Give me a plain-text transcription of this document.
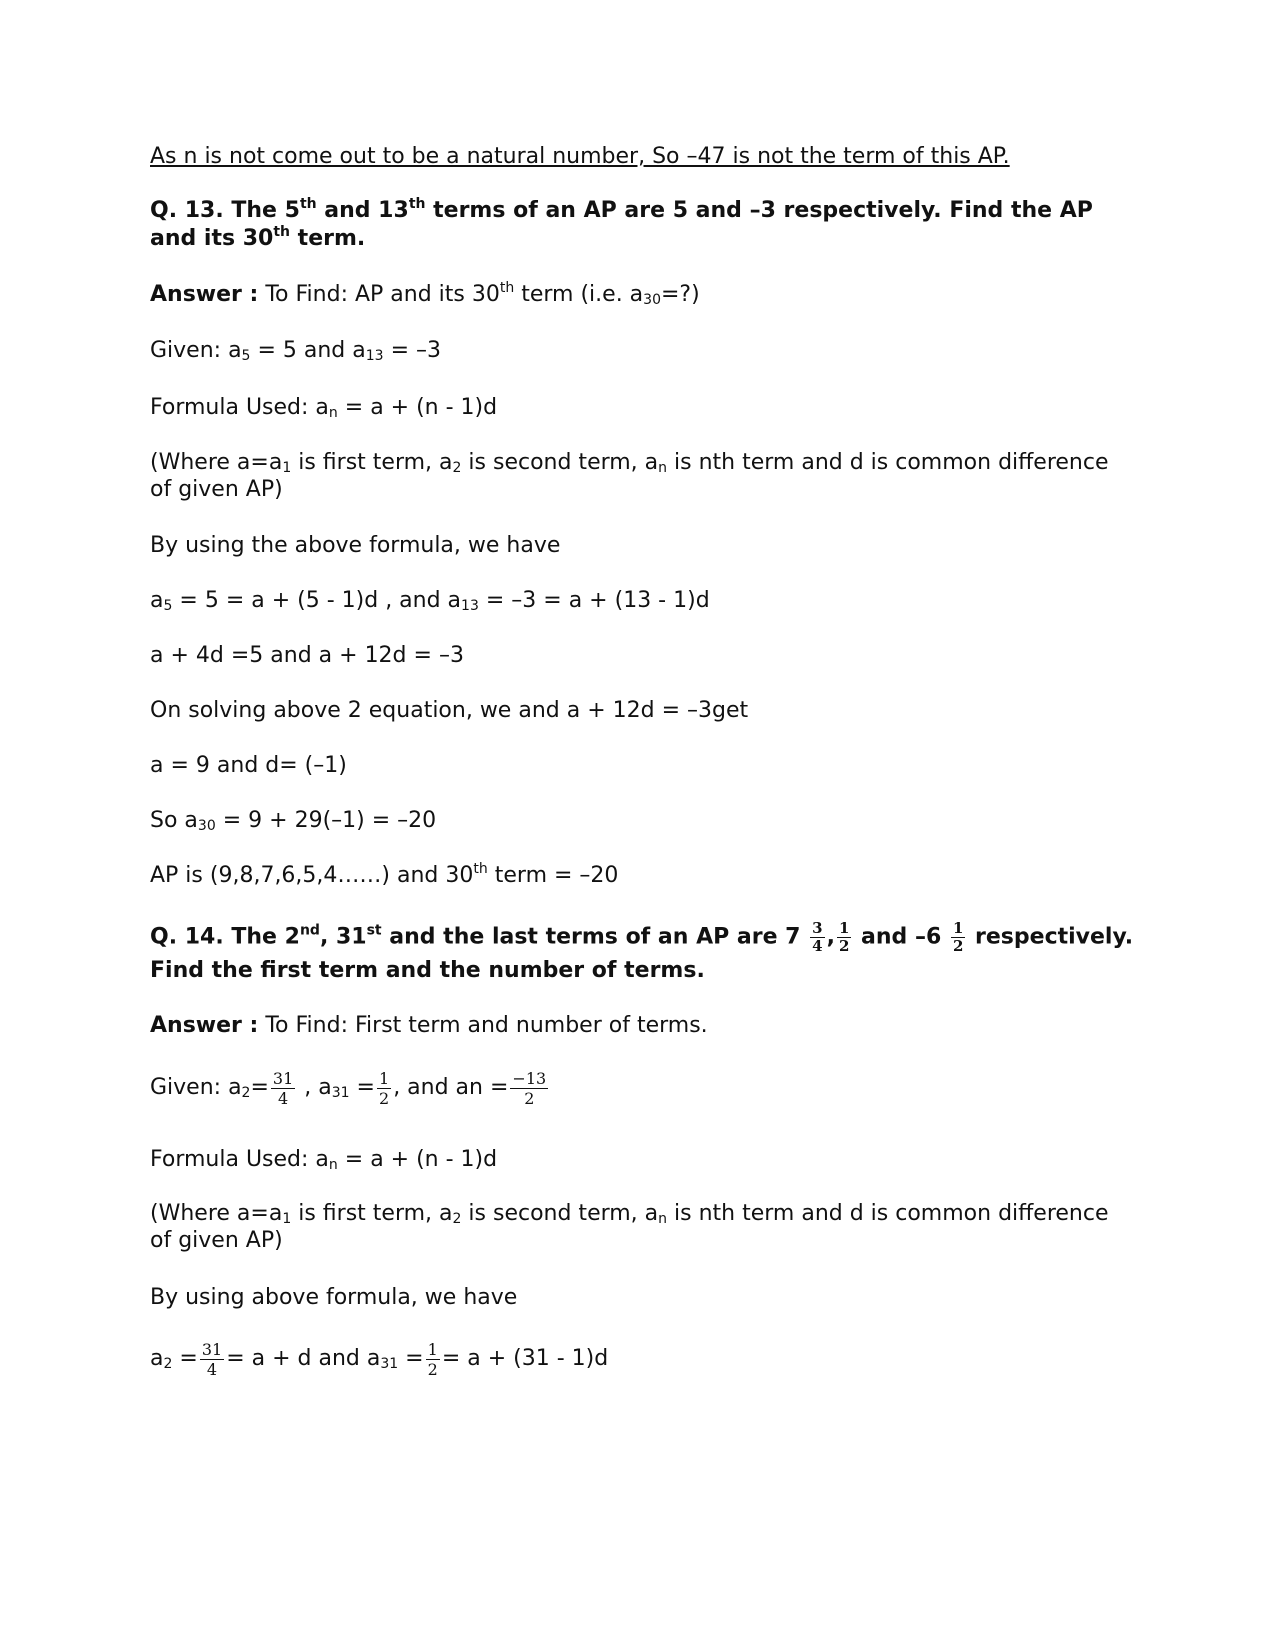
As n is not come out to be a natural number, So –47 is not the term of this AP.
Q. 13. The 5th and 13th terms of an AP are 5 and –3 respectively. Find the AP and its 30th term.
Answer : To Find: AP and its 30th term (i.e. $a_{30}=$?)
Given: $a_5 = 5$ and $a_{13} = -3$
Formula Used: $a_n = a + (n - 1)d$
(Where $a=a_1$ is first term, $a_2$ is second term, $a_n$ is nth term and d is common difference of given AP)
By using the above formula, we have
$a_5 = 5 = a + (5 - 1)d$ , and $a_{13} = -3 = a + (13 - 1)d$
a + 4d =5 and a + 12d = –3
On solving above 2 equation, we and a + 12d = –3get
a = 9 and d= (–1)
So $a_{30} = 9 + 29(-1) = -20$
AP is (9,8,7,6,5,4……) and 30th term = –20
Q. 14. The 2nd, 31st and the last terms of an AP are $7 \frac{3}{4}$ , $\frac{1}{2}$ and $-6 \frac{1}{2}$ respectively.
Find the first term and the number of terms.
Answer : To Find: First term and number of terms.
Given: $a_2= \frac{31}{4}$ , $a_{31} = \frac{1}{2}$ , and an = $\frac{-13}{2}$
Formula Used: $a_n = a + (n - 1)d$
(Where $a=a_1$ is first term, $a_2$ is second term, $a_n$ is nth term and d is common difference of given AP)
By using above formula, we have
$a_2 = \frac{31}{4} = a + d$ and $a_{31} = \frac{1}{2} = a + (31 - 1)d$
